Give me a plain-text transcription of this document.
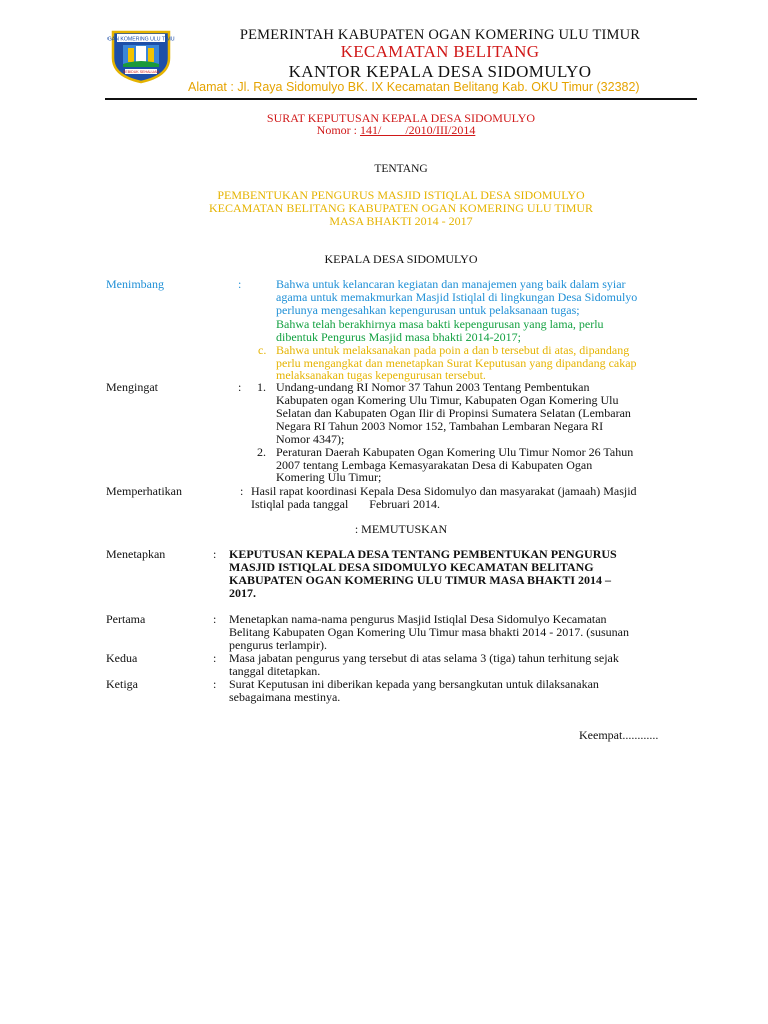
OGAN KOMERING ULU TIMUR
SEBIDUK SEHALUAN
PEMERINTAH KABUPATEN OGAN KOMERING ULU TIMUR
KECAMATAN BELITANG
KANTOR KEPALA DESA SIDOMULYO
Alamat : Jl. Raya Sidomulyo BK. IX Kecamatan Belitang Kab. OKU Timur (32382)
SURAT KEPUTUSAN KEPALA DESA SIDOMULYO
Nomor : 141/        /2010/III/2014
TENTANG
PEMBENTUKAN PENGURUS MASJID ISTIQLAL DESA SIDOMULYO
KECAMATAN BELITANG KABUPATEN OGAN KOMERING ULU TIMUR
MASA BHAKTI 2014 - 2017
KEPALA DESA SIDOMULYO
Menimbang	:	Bahwa untuk kelancaran kegiatan dan manajemen yang baik dalam syiar
agama untuk memakmurkan Masjid Istiqlal di lingkungan Desa Sidomulyo
perlunya mengesahkan kepengurusan untuk pelaksanaan tugas;
Bahwa telah berakhirnya masa bakti kepengurusan yang lama, perlu
dibentuk Pengurus Masjid masa bhakti 2014-2017;
c. Bahwa untuk melaksanakan pada poin a dan b tersebut di atas, dipandang
perlu mengangkat dan menetapkan Surat Keputusan yang dipandang cakap
melaksanakan tugas kepengurusan tersebut.
Mengingat	: 1. Undang-undang RI Nomor 37 Tahun 2003 Tentang Pembentukan
Kabupaten ogan Komering Ulu Timur, Kabupaten Ogan Komering Ulu
Selatan dan Kabupaten Ogan Ilir di Propinsi Sumatera Selatan (Lembaran
Negara RI Tahun 2003 Nomor 152, Tambahan Lembaran Negara RI
Nomor 4347);
2. Peraturan Daerah Kabupaten Ogan Komering Ulu Timur Nomor 26 Tahun
2007 tentang Lembaga Kemasyarakatan Desa di Kabupaten Ogan
Komering Ulu Timur;
Memperhatikan	: Hasil rapat koordinasi Kepala Desa Sidomulyo dan masyarakat (jamaah) Masjid
Istiqlal pada tanggal       Februari 2014.
: MEMUTUSKAN
Menetapkan	: KEPUTUSAN KEPALA DESA TENTANG PEMBENTUKAN PENGURUS
MASJID ISTIQLAL DESA SIDOMULYO KECAMATAN BELITANG
KABUPATEN OGAN KOMERING ULU TIMUR MASA BHAKTI 2014 –
2017.
Pertama	: Menetapkan nama-nama pengurus Masjid Istiqlal Desa Sidomulyo Kecamatan
Belitang Kabupaten Ogan Komering Ulu Timur masa bhakti 2014 - 2017. (susunan
pengurus terlampir).
Kedua	: Masa jabatan pengurus yang tersebut di atas selama 3 (tiga) tahun terhitung sejak
tanggal ditetapkan.
Ketiga	: Surat Keputusan ini diberikan kepada yang bersangkutan untuk dilaksanakan
sebagaimana mestinya.
Keempat............
